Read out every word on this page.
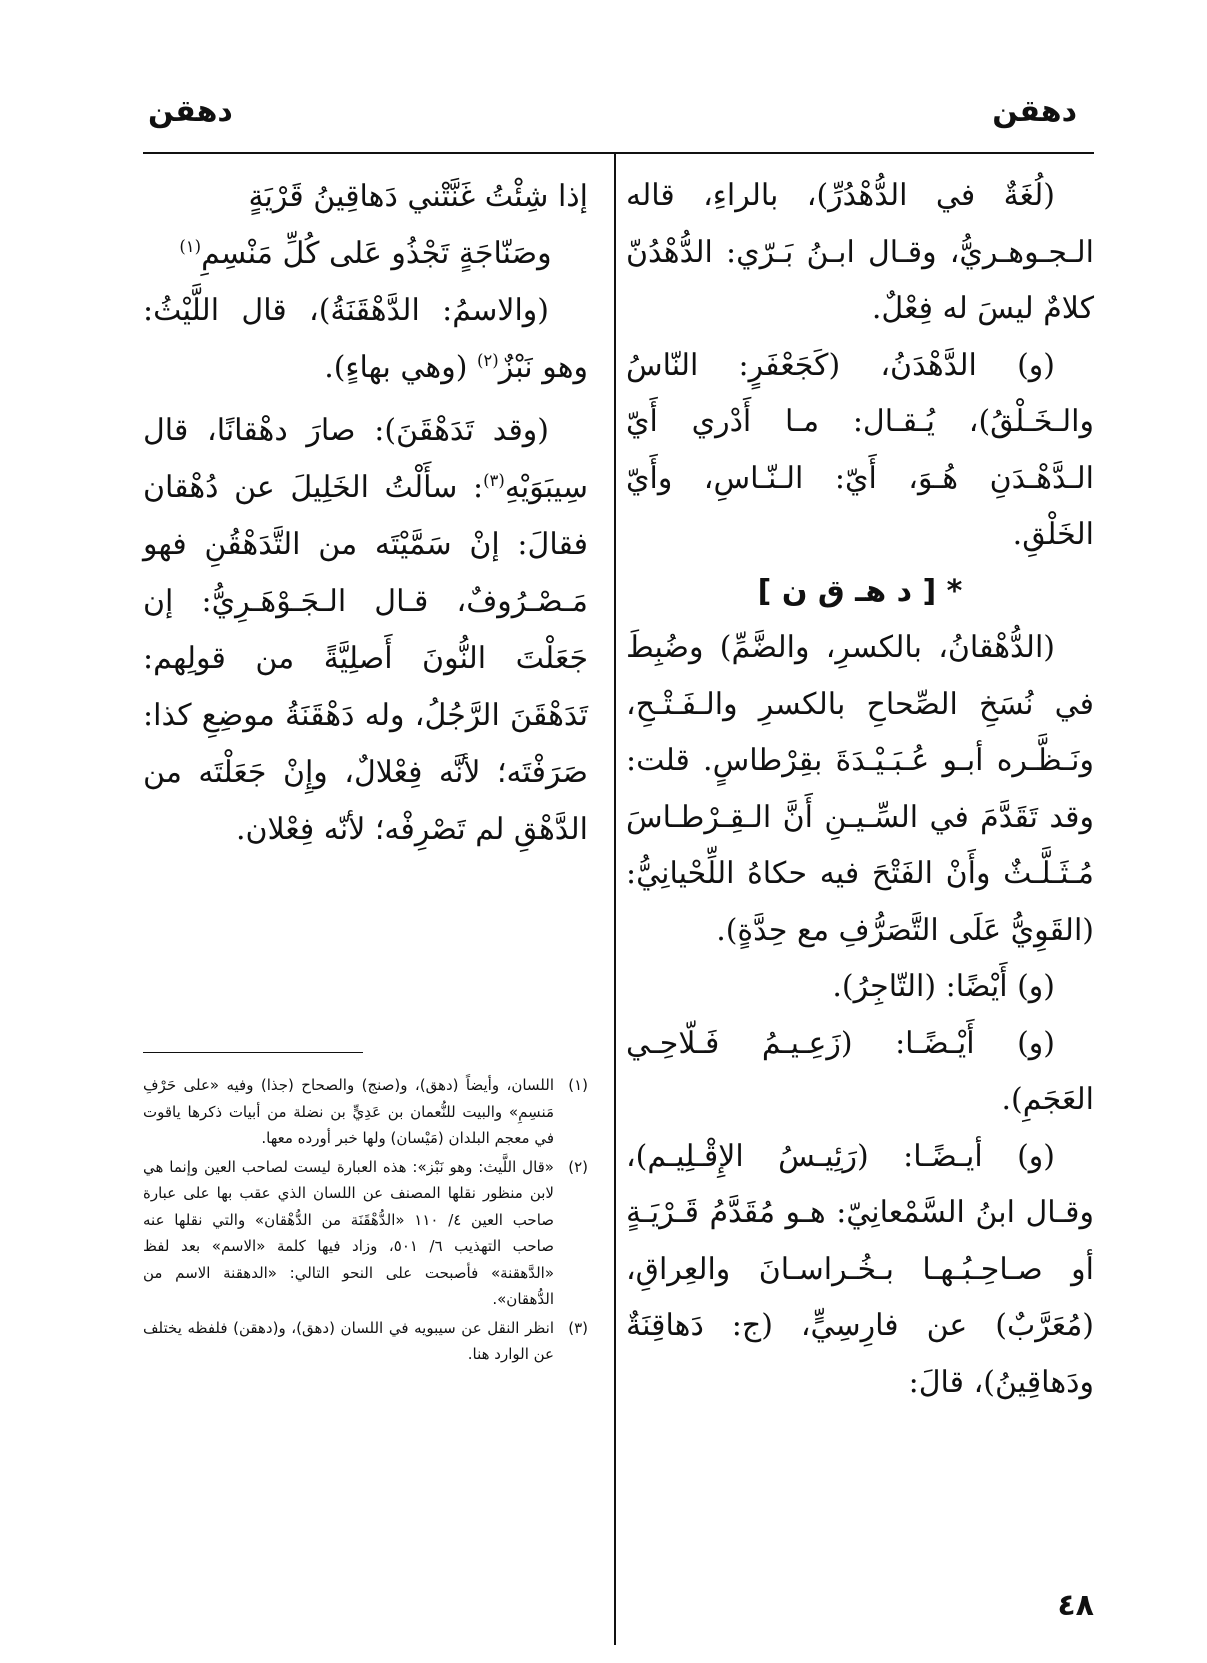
دهقن
دهقن

(لُغَةٌ في الدُّهْدُرِّ)، بالراءِ، قاله الـجـوهـريُّ، وقـال ابـنُ بَـرّي: الدُّهْدُنّ كلامٌ ليسَ له فِعْلٌ.

(و) الدَّهْدَنُ، (كَجَعْفَرٍ: النّاسُ والـخَـلْقُ)، يُـقـال: مـا أَدْري أَيّ الـدَّهْـدَنِ هُـوَ، أَيّ: الـنّـاسِ، وأَيّ الخَلْقِ.

* [ د هـ ق ن ]

(الدُّهْقانُ، بالكسرِ، والضَّمِّ) وضُبِطَ في نُسَخِ الصِّحاحِ بالكسرِ والـفَـتْـحِ، ونَـظَّـره أبـو عُـبَـيْـدَةَ بقِرْطاسٍ. قلت: وقد تَقَدَّمَ في السِّـيـنِ أَنَّ الـقِـرْطـاسَ مُـثَـلَّـثٌ وأَنْ الفَتْحَ فيه حكاهُ اللِّحْيانِيُّ: (القَوِيُّ عَلَى التَّصَرُّفِ مع حِدَّةٍ).

(و) أَيْضًا: (التّاجِرُ).

(و) أَيْـضًـا: (زَعِـيـمُ فَـلّاحِـي العَجَمِ).

(و) أيـضًـا: (رَئِيـسُ الإِقْـلِيـم)، وقـال ابنُ السَّمْعانِيّ: هـو مُقَدَّمُ قَـرْيَـةٍ أو صـاحِـبُـهـا بـخُـراسـانَ والعِراقِ، (مُعَرَّبٌ) عن فارِسِيٍّ، (ج: دَهاقِنَةٌ ودَهاقِينُ)، قالَ:

إذا شِئْتُ غَنَّتْني دَهاقِينُ قَرْيَةٍ

وصَنّاجَةٍ تَجْذُو عَلى كُلِّ مَنْسِمِ$^{(١)}$

(والاسمُ: الدَّهْقَنَةُ)، قال اللَّيْثُ: وهو نَبْزٌ$^{(٢)}$ (وهي بهاءٍ).

(وقد تَدَهْقَنَ): صارَ دهْقانًا، قال سِيبَوَيْهِ$^{(٣)}$: سأَلْتُ الخَلِيلَ عن دُهْقان فقالَ: إنْ سَمَّيْتَه من التَّدَهْقُنِ فهو مَـصْـرُوفٌ، قـال الـجَـوْهَـرِيُّ: إن جَعَلْتَ النُّونَ أَصلِيَّةً من قولِهم: تَدَهْقَنَ الرَّجُلُ، وله دَهْقَنَةُ موضِعِ كذا: صَرَفْتَه؛ لأنَّه فِعْلالٌ، وإِنْ جَعَلْتَه من الدَّهْقِ لم تَصْرِفْه؛ لأنّه فِعْلان.

(١)
اللسان، وأيضاً (دهق)، و(صنج) والصحاح (جذا) وفيه «على حَرْفِ مَنسِمِ» والبيت للنُّعمان بن عَدِيٍّ بن نضلة من أبيات ذكرها ياقوت في معجم البلدان (مَيْسان) ولها خبر أورده معها.
(٢)
«قال اللَّيث: وهو نَبْز»: هذه العبارة ليست لصاحب العين وإنما هي لابن منظور نقلها المصنف عن اللسان الذي عقب بها على عبارة صاحب العين ٤/ ١١٠ «الدُّهْقَنَة من الدُّهْقان» والتي نقلها عنه صاحب التهذيب ٦/ ٥٠١، وزاد فيها كلمة «الاسم» بعد لفظ «الدَّهقنة» فأصبحت على النحو التالي: «الدهقنة الاسم من الدُّهقان».
(٣)
انظر النقل عن سيبويه في اللسان (دهق)، و(دهقن) فلفظه يختلف عن الوارد هنا.
٤٨
